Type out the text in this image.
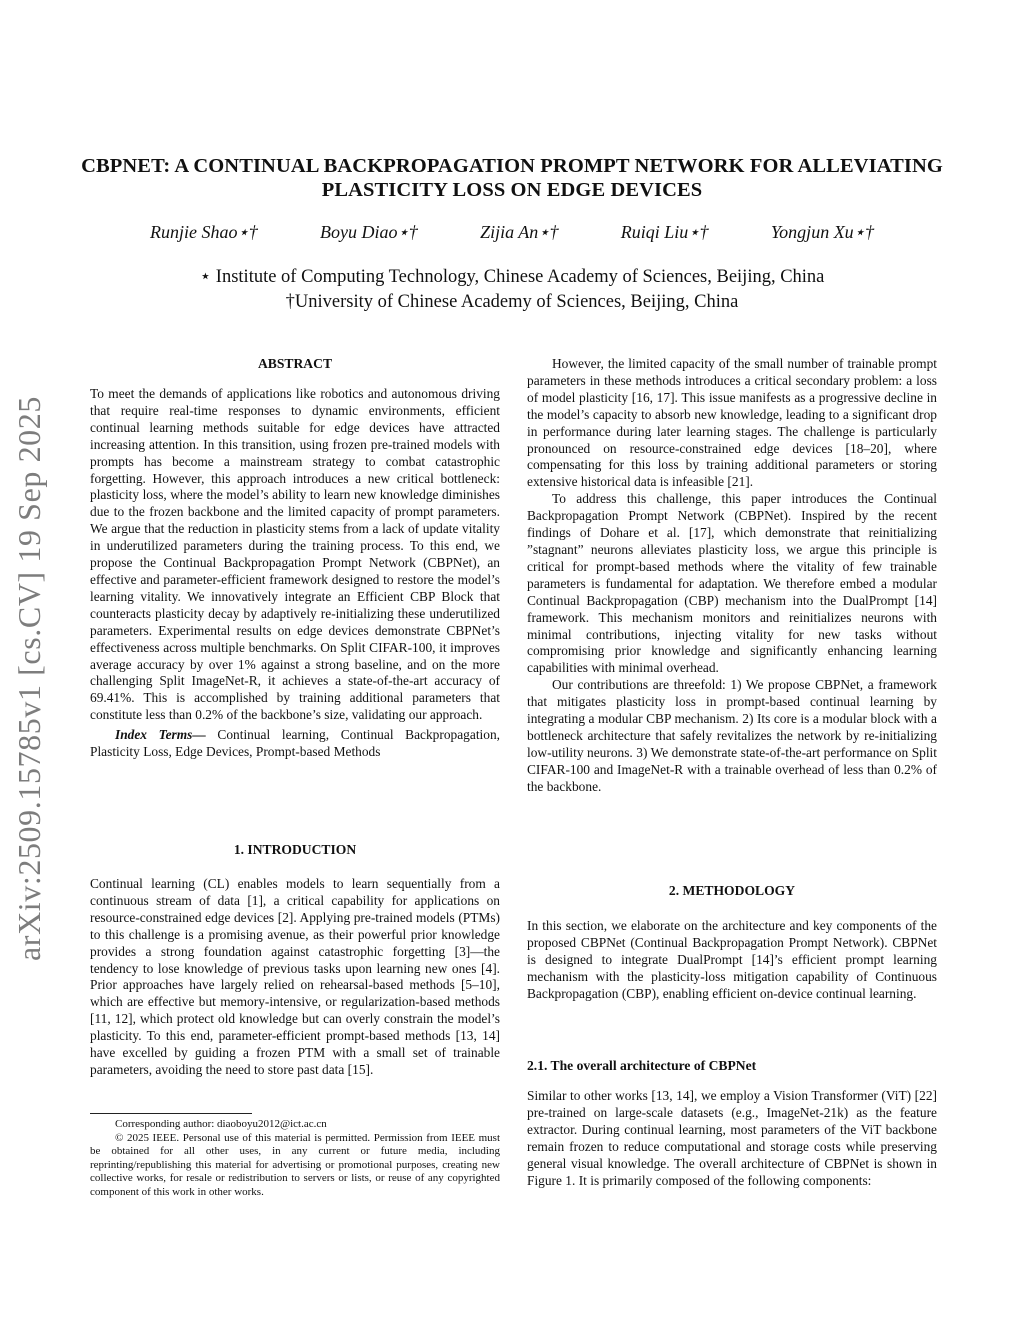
arXiv:2509.15785v1 [cs.CV] 19 Sep 2025
CBPNET: A CONTINUAL BACKPROPAGATION PROMPT NETWORK FOR ALLEVIATING PLASTICITY LOSS ON EDGE DEVICES
Runjie Shao⋆†	Boyu Diao⋆†	Zijia An⋆†	Ruiqi Liu⋆†	Yongjun Xu⋆†
⋆ Institute of Computing Technology, Chinese Academy of Sciences, Beijing, China
†University of Chinese Academy of Sciences, Beijing, China
ABSTRACT

To meet the demands of applications like robotics and autonomous driving that require real-time responses to dynamic environments, efficient continual learning methods suitable for edge devices have attracted increasing attention. In this transition, using frozen pre-trained models with prompts has become a mainstream strategy to combat catastrophic forgetting. However, this approach introduces a new critical bottleneck: plasticity loss, where the model’s ability to learn new knowledge diminishes due to the frozen backbone and the limited capacity of prompt parameters. We argue that the reduction in plasticity stems from a lack of update vitality in underutilized parameters during the training process. To this end, we propose the Continual Backpropagation Prompt Network (CBPNet), an effective and parameter-efficient framework designed to restore the model’s learning vitality. We innovatively integrate an Efficient CBP Block that counteracts plasticity decay by adaptively re-initializing these underutilized parameters. Experimental results on edge devices demonstrate CBPNet’s effectiveness across multiple benchmarks. On Split CIFAR-100, it improves average accuracy by over 1% against a strong baseline, and on the more challenging Split ImageNet-R, it achieves a state-of-the-art accuracy of 69.41%. This is accomplished by training additional parameters that constitute less than 0.2% of the backbone’s size, validating our approach.

Index Terms— Continual learning, Continual Backpropagation, Plasticity Loss, Edge Devices, Prompt-based Methods

1. INTRODUCTION

Continual learning (CL) enables models to learn sequentially from a continuous stream of data [1], a critical capability for applications on resource-constrained edge devices [2]. Applying pre-trained models (PTMs) to this challenge is a promising avenue, as their powerful prior knowledge provides a strong foundation against catastrophic forgetting [3]—the tendency to lose knowledge of previous tasks upon learning new ones [4]. Prior approaches have largely relied on rehearsal-based methods [5–10], which are effective but memory-intensive, or regularization-based methods [11, 12], which protect old knowledge but can overly constrain the model’s plasticity. To this end, parameter-efficient prompt-based methods [13, 14] have excelled by guiding a frozen PTM with a small set of trainable parameters, avoiding the need to store past data [15].

Corresponding author: diaoboyu2012@ict.ac.cn

© 2025 IEEE. Personal use of this material is permitted. Permission from IEEE must be obtained for all other uses, in any current or future media, including reprinting/republishing this material for advertising or promotional purposes, creating new collective works, for resale or redistribution to servers or lists, or reuse of any copyrighted component of this work in other works.

However, the limited capacity of the small number of trainable prompt parameters in these methods introduces a critical secondary problem: a loss of model plasticity [16, 17]. This issue manifests as a progressive decline in the model’s capacity to absorb new knowledge, leading to a significant drop in performance during later learning stages. The challenge is particularly pronounced on resource-constrained edge devices [18–20], where compensating for this loss by training additional parameters or storing extensive historical data is infeasible [21].

To address this challenge, this paper introduces the Continual Backpropagation Prompt Network (CBPNet). Inspired by the recent findings of Dohare et al. [17], which demonstrate that reinitializing ”stagnant” neurons alleviates plasticity loss, we argue this principle is critical for prompt-based methods where the vitality of few trainable parameters is fundamental for adaptation. We therefore embed a modular Continual Backpropagation (CBP) mechanism into the DualPrompt [14] framework. This mechanism monitors and reinitializes neurons with minimal contributions, injecting vitality for new tasks without compromising prior knowledge and significantly enhancing learning capabilities with minimal overhead.

Our contributions are threefold: 1) We propose CBPNet, a framework that mitigates plasticity loss in prompt-based continual learning by integrating a modular CBP mechanism. 2) Its core is a modular block with a bottleneck architecture that safely revitalizes the network by re-initializing low-utility neurons. 3) We demonstrate state-of-the-art performance on Split CIFAR-100 and ImageNet-R with a trainable overhead of less than 0.2% of the backbone.

2. METHODOLOGY

In this section, we elaborate on the architecture and key components of the proposed CBPNet (Continual Backpropagation Prompt Network). CBPNet is designed to integrate DualPrompt [14]’s efficient prompt learning mechanism with the plasticity-loss mitigation capability of Continuous Backpropagation (CBP), enabling efficient on-device continual learning.

2.1. The overall architecture of CBPNet

Similar to other works [13, 14], we employ a Vision Transformer (ViT) [22] pre-trained on large-scale datasets (e.g., ImageNet-21k) as the feature extractor. During continual learning, most parameters of the ViT backbone remain frozen to reduce computational and storage costs while preserving general visual knowledge. The overall architecture of CBPNet is shown in Figure 1. It is primarily composed of the following components:
